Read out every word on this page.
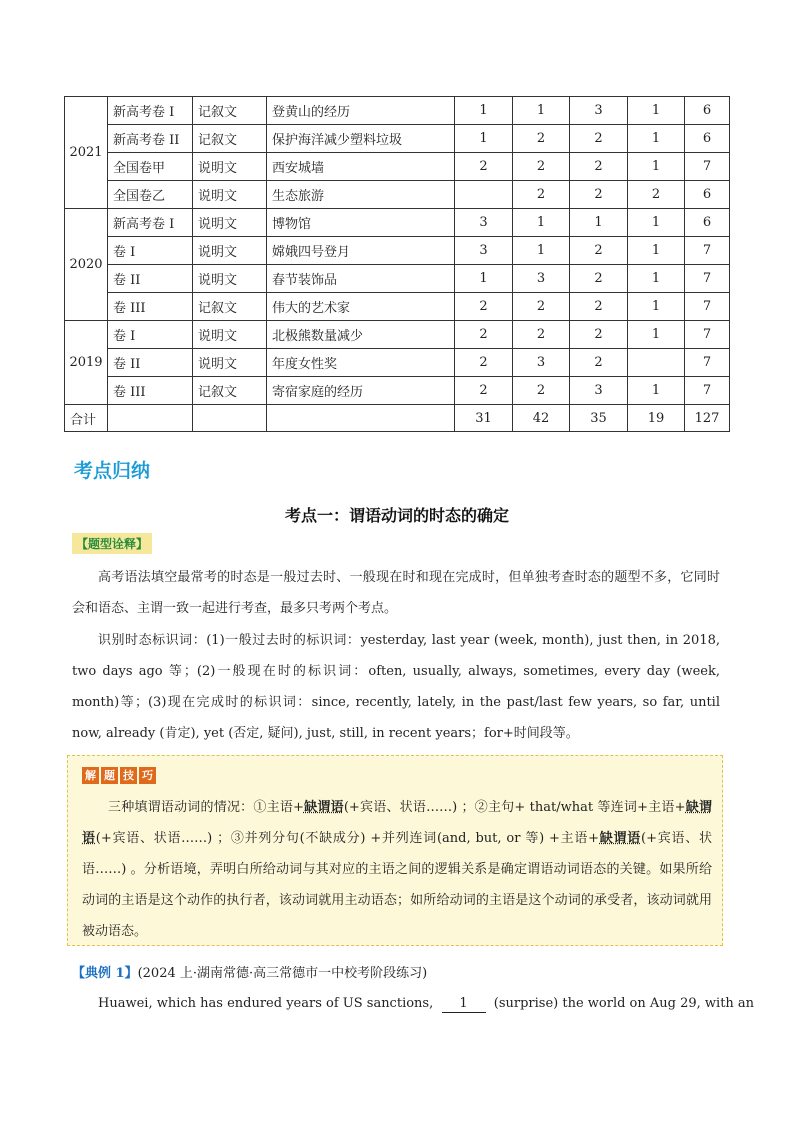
2021	新高考卷 I	记叙文	登黄山的经历	1	1	3	1	6
	新高考卷 II	记叙文	保护海洋减少塑料垃圾	1	2	2	1	6
	全国卷甲	说明文	西安城墙	2	2	2	1	7
	全国卷乙	说明文	生态旅游		2	2	2	6
2020	新高考卷 I	说明文	博物馆	3	1	1	1	6
	卷 I	说明文	嫦娥四号登月	3	1	2	1	7
	卷 II	说明文	春节装饰品	1	3	2	1	7
	卷 III	记叙文	伟大的艺术家	2	2	2	1	7
2019	卷 I	说明文	北极熊数量减少	2	2	2	1	7
	卷 II	说明文	年度女性奖	2	3	2		7
	卷 III	记叙文	寄宿家庭的经历	2	2	3	1	7
合计				31	42	35	19	127
考点归纳
考点一：谓语动词的时态的确定
【题型诠释】
高考语法填空最常考的时态是一般过去时、一般现在时和现在完成时，但单独考查时态的题型不多，它同时会和语态、主谓一致一起进行考查，最多只考两个考点。
识别时态标识词：(1)一般过去时的标识词：yesterday, last year (week, month), just then, in 2018, two days ago 等；(2)一般现在时的标识词：often, usually, always, sometimes, every day (week, month)等；(3)现在完成时的标识词：since, recently, lately, in the past/last few years, so far, until now, already (肯定), yet (否定, 疑问), just, still, in recent years；for+时间段等。
解 题 技 巧
三种填谓语动词的情况：①主语+缺谓语(+宾语、状语……) ；②主句+ that/what 等连词+主语+缺谓语(+宾语、状语……) ；③并列分句(不缺成分) +并列连词(and, but, or 等) +主语+缺谓语(+宾语、状语……) 。分析语境，弄明白所给动词与其对应的主语之间的逻辑关系是确定谓语动词语态的关键。如果所给动词的主语是这个动作的执行者，该动词就用主动语态；如所给动词的主语是这个动词的承受者，该动词就用被动语态。
【典例 1】(2024 上·湖南常德·高三常德市一中校考阶段练习)
Huawei, which has endured years of US sanctions, 1 (surprise) the world on Aug 29, with an
